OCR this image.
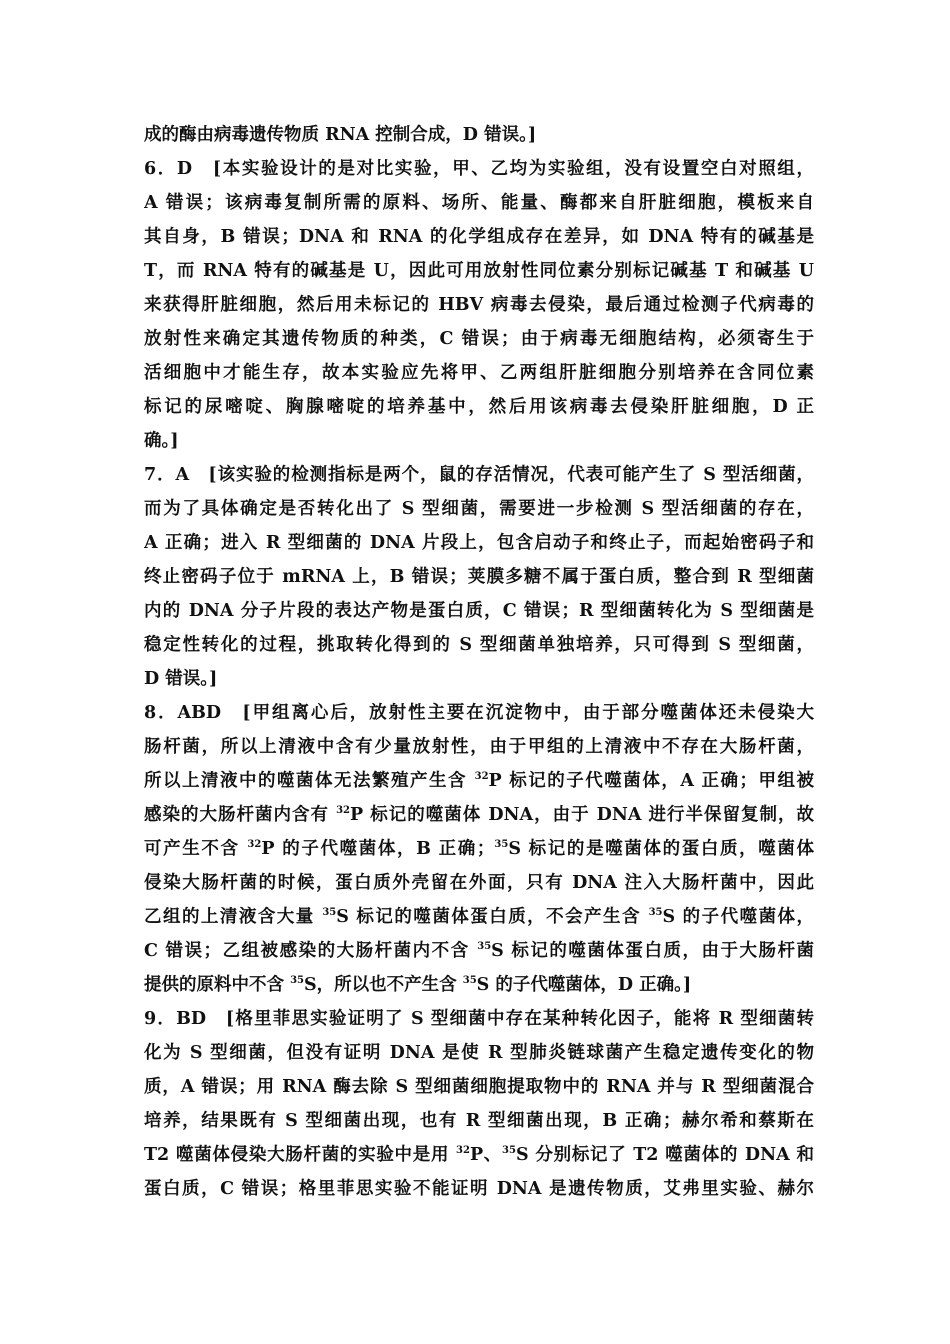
成的酶由病毒遗传物质 RNA 控制合成，D 错误。]
6．D　[本实验设计的是对比实验，甲、乙均为实验组，没有设置空白对照组，
A 错误；该病毒复制所需的原料、场所、能量、酶都来自肝脏细胞，模板来自
其自身，B 错误；DNA 和 RNA 的化学组成存在差异，如 DNA 特有的碱基是
T，而 RNA 特有的碱基是 U，因此可用放射性同位素分别标记碱基 T 和碱基 U
来获得肝脏细胞，然后用未标记的 HBV 病毒去侵染，最后通过检测子代病毒的
放射性来确定其遗传物质的种类，C 错误；由于病毒无细胞结构，必须寄生于
活细胞中才能生存，故本实验应先将甲、乙两组肝脏细胞分别培养在含同位素
标记的尿嘧啶、胸腺嘧啶的培养基中，然后用该病毒去侵染肝脏细胞，D 正
确。]
7．A　[该实验的检测指标是两个，鼠的存活情况，代表可能产生了 S 型活细菌，
而为了具体确定是否转化出了 S 型细菌，需要进一步检测 S 型活细菌的存在，
A 正确；进入 R 型细菌的 DNA 片段上，包含启动子和终止子，而起始密码子和
终止密码子位于 mRNA 上，B 错误；荚膜多糖不属于蛋白质，整合到 R 型细菌
内的 DNA 分子片段的表达产物是蛋白质，C 错误；R 型细菌转化为 S 型细菌是
稳定性转化的过程，挑取转化得到的 S 型细菌单独培养，只可得到 S 型细菌，
D 错误。]
8．ABD　[甲组离心后，放射性主要在沉淀物中，由于部分噬菌体还未侵染大
肠杆菌，所以上清液中含有少量放射性，由于甲组的上清液中不存在大肠杆菌，
所以上清液中的噬菌体无法繁殖产生含 $^{32}$P 标记的子代噬菌体，A 正确；甲组被
感染的大肠杆菌内含有 $^{32}$P 标记的噬菌体 DNA，由于 DNA 进行半保留复制，故
可产生不含 $^{32}$P 的子代噬菌体，B 正确；$^{35}$S 标记的是噬菌体的蛋白质，噬菌体
侵染大肠杆菌的时候，蛋白质外壳留在外面，只有 DNA 注入大肠杆菌中，因此
乙组的上清液含大量 $^{35}$S 标记的噬菌体蛋白质，不会产生含 $^{35}$S 的子代噬菌体，
C 错误；乙组被感染的大肠杆菌内不含 $^{35}$S 标记的噬菌体蛋白质，由于大肠杆菌
提供的原料中不含 $^{35}$S，所以也不产生含 $^{35}$S 的子代噬菌体，D 正确。]
9．BD　[格里菲思实验证明了 S 型细菌中存在某种转化因子，能将 R 型细菌转
化为 S 型细菌，但没有证明 DNA 是使 R 型肺炎链球菌产生稳定遗传变化的物
质，A 错误；用 RNA 酶去除 S 型细菌细胞提取物中的 RNA 并与 R 型细菌混合
培养，结果既有 S 型细菌出现，也有 R 型细菌出现，B 正确；赫尔希和蔡斯在
T2 噬菌体侵染大肠杆菌的实验中是用 $^{32}$P、$^{35}$S 分别标记了 T2 噬菌体的 DNA 和
蛋白质，C 错误；格里菲思实验不能证明 DNA 是遗传物质，艾弗里实验、赫尔
